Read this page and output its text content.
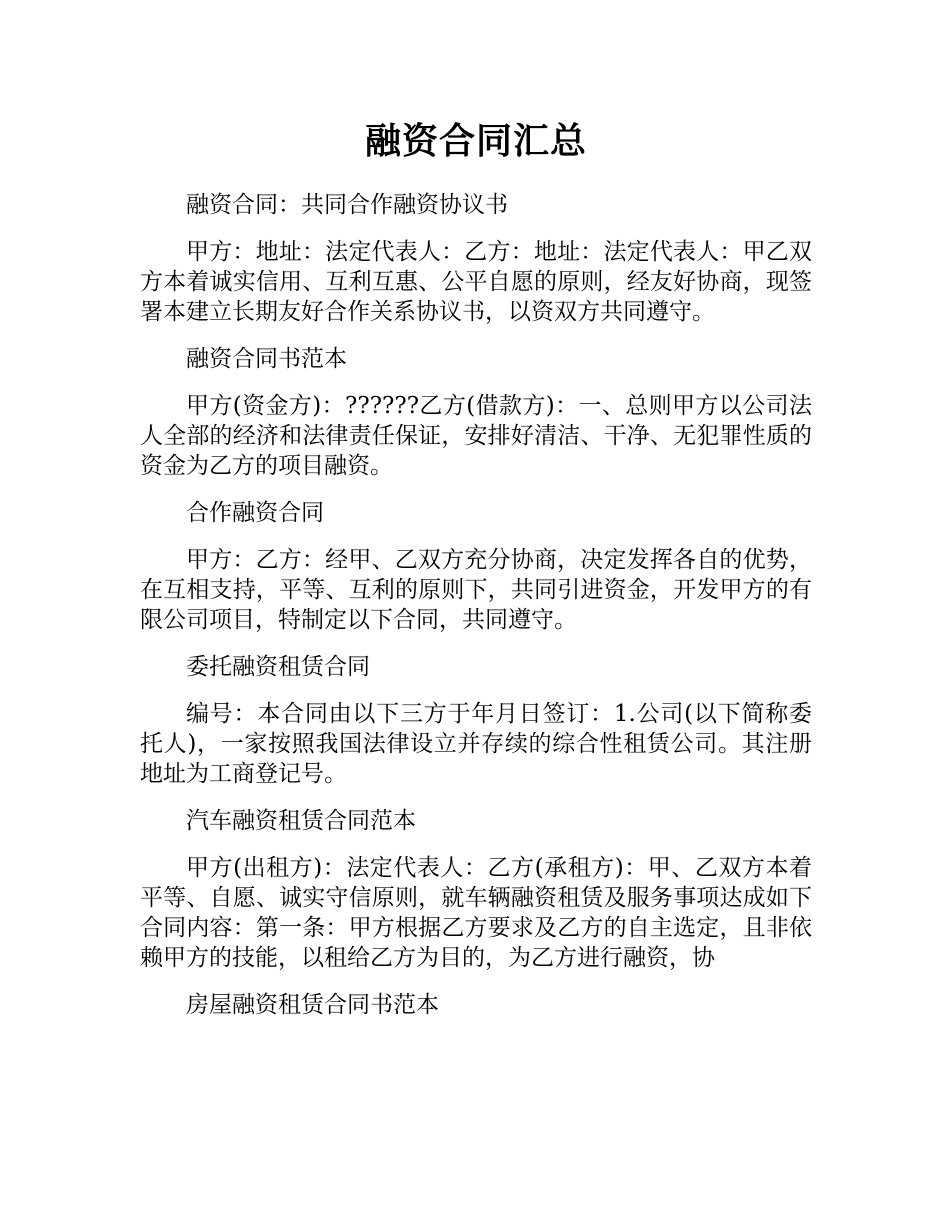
融资合同汇总

融资合同：共同合作融资协议书

甲方：地址：法定代表人：乙方：地址：法定代表人：甲乙双方本着诚实信用、互利互惠、公平自愿的原则，经友好协商，现签署本建立长期友好合作关系协议书，以资双方共同遵守。

融资合同书范本

甲方(资金方)：??????乙方(借款方)：一、总则甲方以公司法人全部的经济和法律责任保证，安排好清洁、干净、无犯罪性质的资金为乙方的项目融资。

合作融资合同

甲方：乙方：经甲、乙双方充分协商，决定发挥各自的优势，在互相支持，平等、互利的原则下，共同引进资金，开发甲方的有限公司项目，特制定以下合同，共同遵守。

委托融资租赁合同

编号：本合同由以下三方于年月日签订：1.公司(以下简称委托人)，一家按照我国法律设立并存续的综合性租赁公司。其注册地址为工商登记号。

汽车融资租赁合同范本

甲方(出租方)：法定代表人：乙方(承租方)：甲、乙双方本着平等、自愿、诚实守信原则，就车辆融资租赁及服务事项达成如下合同内容：第一条：甲方根据乙方要求及乙方的自主选定，且非依赖甲方的技能，以租给乙方为目的，为乙方进行融资，协

房屋融资租赁合同书范本
